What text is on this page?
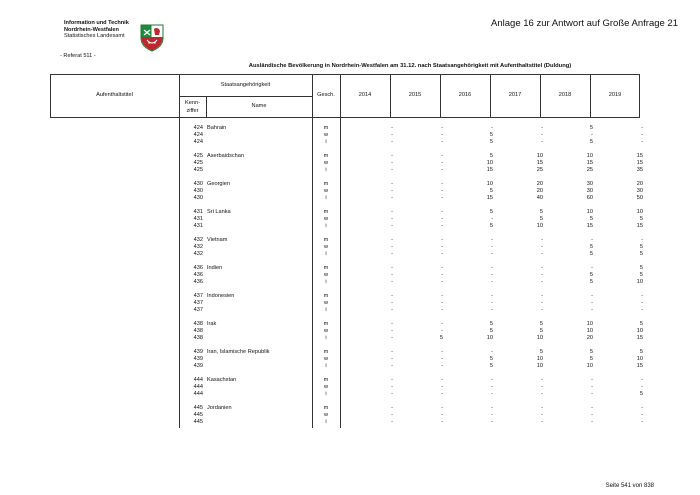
Information und Technik
Nordrhein-Westfalen
Statistisches Landesamt
Anlage 16 zur Antwort auf Große Anfrage 21
- Referat 511 -
Ausländische Bevölkerung in Nordrhein-Westfalen am 31.12. nach Staatsangehörigkeit mit Aufenthaltstitel (Duldung)
Aufenthaltstitel
Staatsangehörigkeit
Kenn-
ziffer
Name
Gesch.	2014	2015	2016	2017	2018	2019
424 Bahrain	m	-	-	-	-	5	-
424	w	-	-	5	-	-	-
424	i	-	-	5	-	5	-
425 Aserbaidschan	m	-	-	5	10	10	15
425	w	-	-	10	15	15	15
425	i	-	-	15	25	25	35
430 Georgien	m	-	-	10	20	30	20
430	w	-	-	5	20	30	30
430	i	-	-	15	40	60	50
431 Sri Lanka	m	-	-	5	5	10	10
431	w	-	-	-	5	5	5
431	i	-	-	5	10	15	15
432 Vietnam	m	-	-	-	-	-	-
432	w	-	-	-	-	5	5
432	i	-	-	-	-	5	5
436 Indien	m	-	-	-	-	-	5
436	w	-	-	-	-	5	5
436	i	-	-	-	-	5	10
437 Indonesien	m	-	-	-	-	-	-
437	w	-	-	-	-	-	-
437	i	-	-	-	-	-	-
438 Irak	m	-	-	5	5	10	5
438	w	-	-	5	5	10	10
438	i	-	5	10	10	20	15
439 Iran, Islamische Republik	m	-	-	-	5	5	5
439	w	-	-	5	10	5	10
439	i	-	-	5	10	10	15
444 Kasachstan	m	-	-	-	-	-	-
444	w	-	-	-	-	-	-
444	i	-	-	-	-	-	5
445 Jordanien	m	-	-	-	-	-	-
445	w	-	-	-	-	-	-
445	i	-	-	-	-	-	-
Seite 541 von 838
